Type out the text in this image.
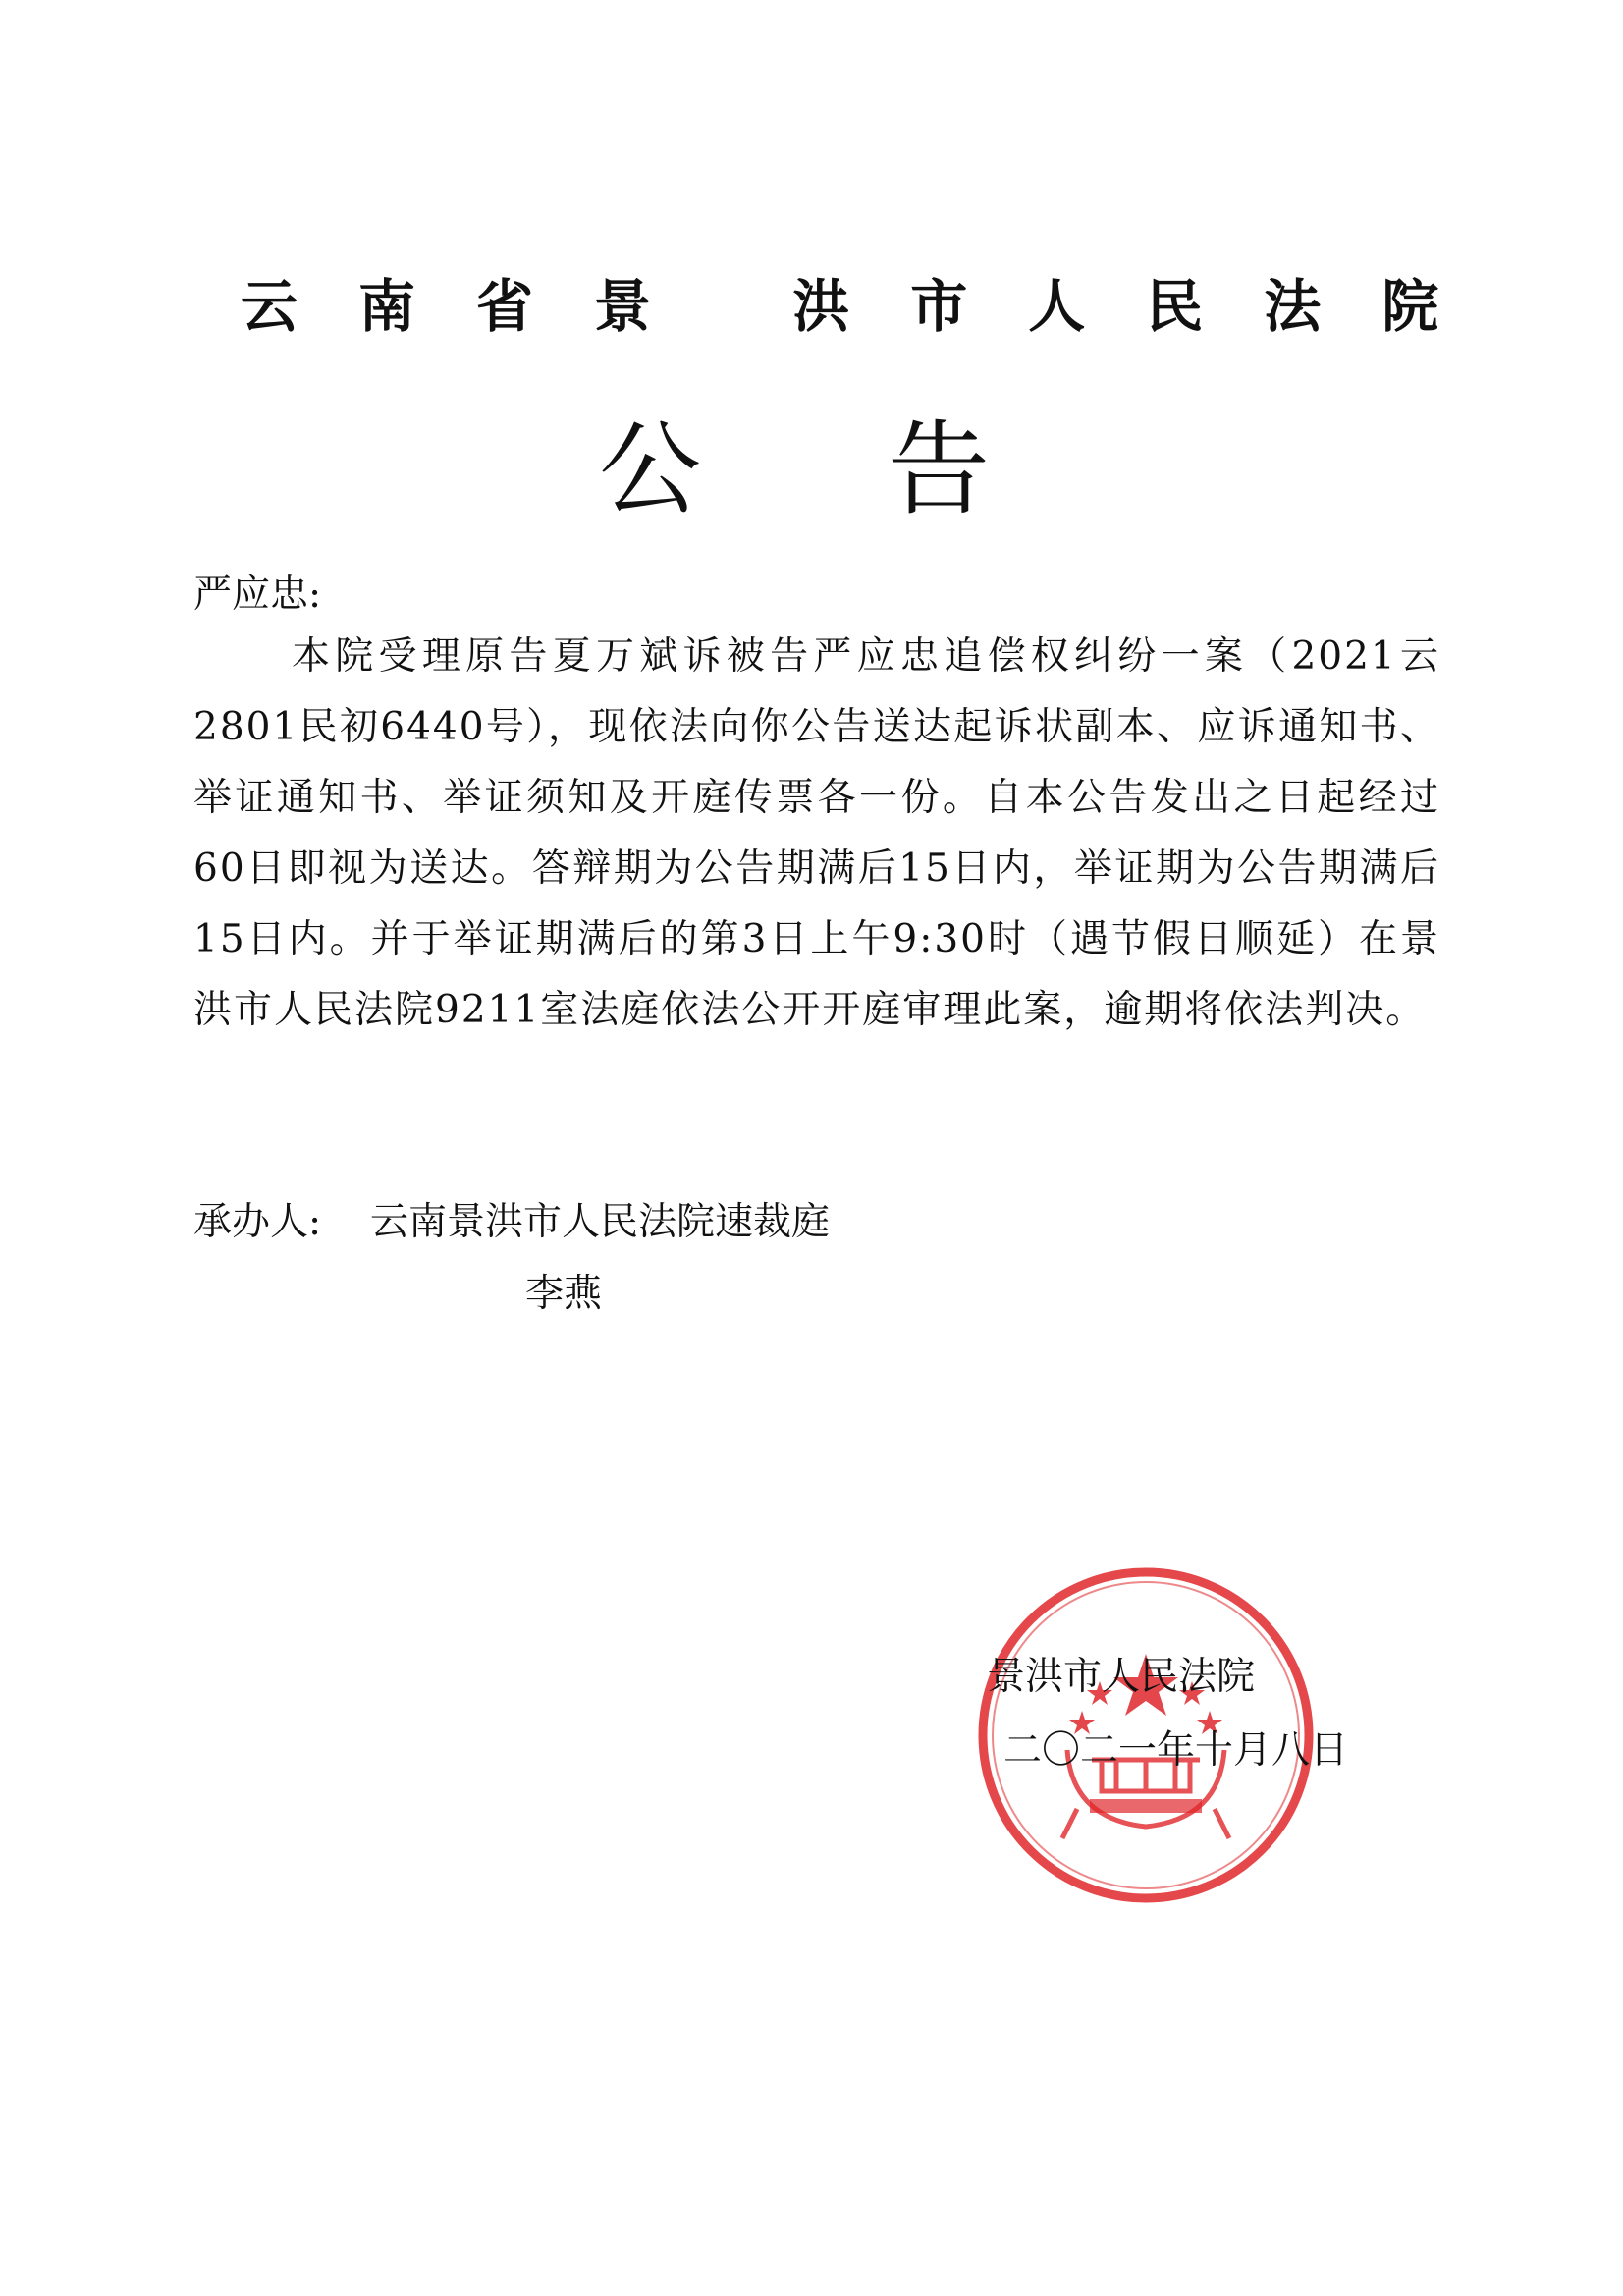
云南省景 洪市人民法院
公告
严应忠:
本院受理原告夏万斌诉被告严应忠追偿权纠纷一案（2021云2801民初6440号），现依法向你公告送达起诉状副本、应诉通知书、举证通知书、举证须知及开庭传票各一份。自本公告发出之日起经过60日即视为送达。答辩期为公告期满后15日内，举证期为公告期满后15日内。并于举证期满后的第3日上午9:30时（遇节假日顺延）在景洪市人民法院9211室法庭依法公开开庭审理此案，逾期将依法判决。
承办人: 云南景洪市人民法院速裁庭
李燕
景洪市人民法院
二〇二一年十月八日
